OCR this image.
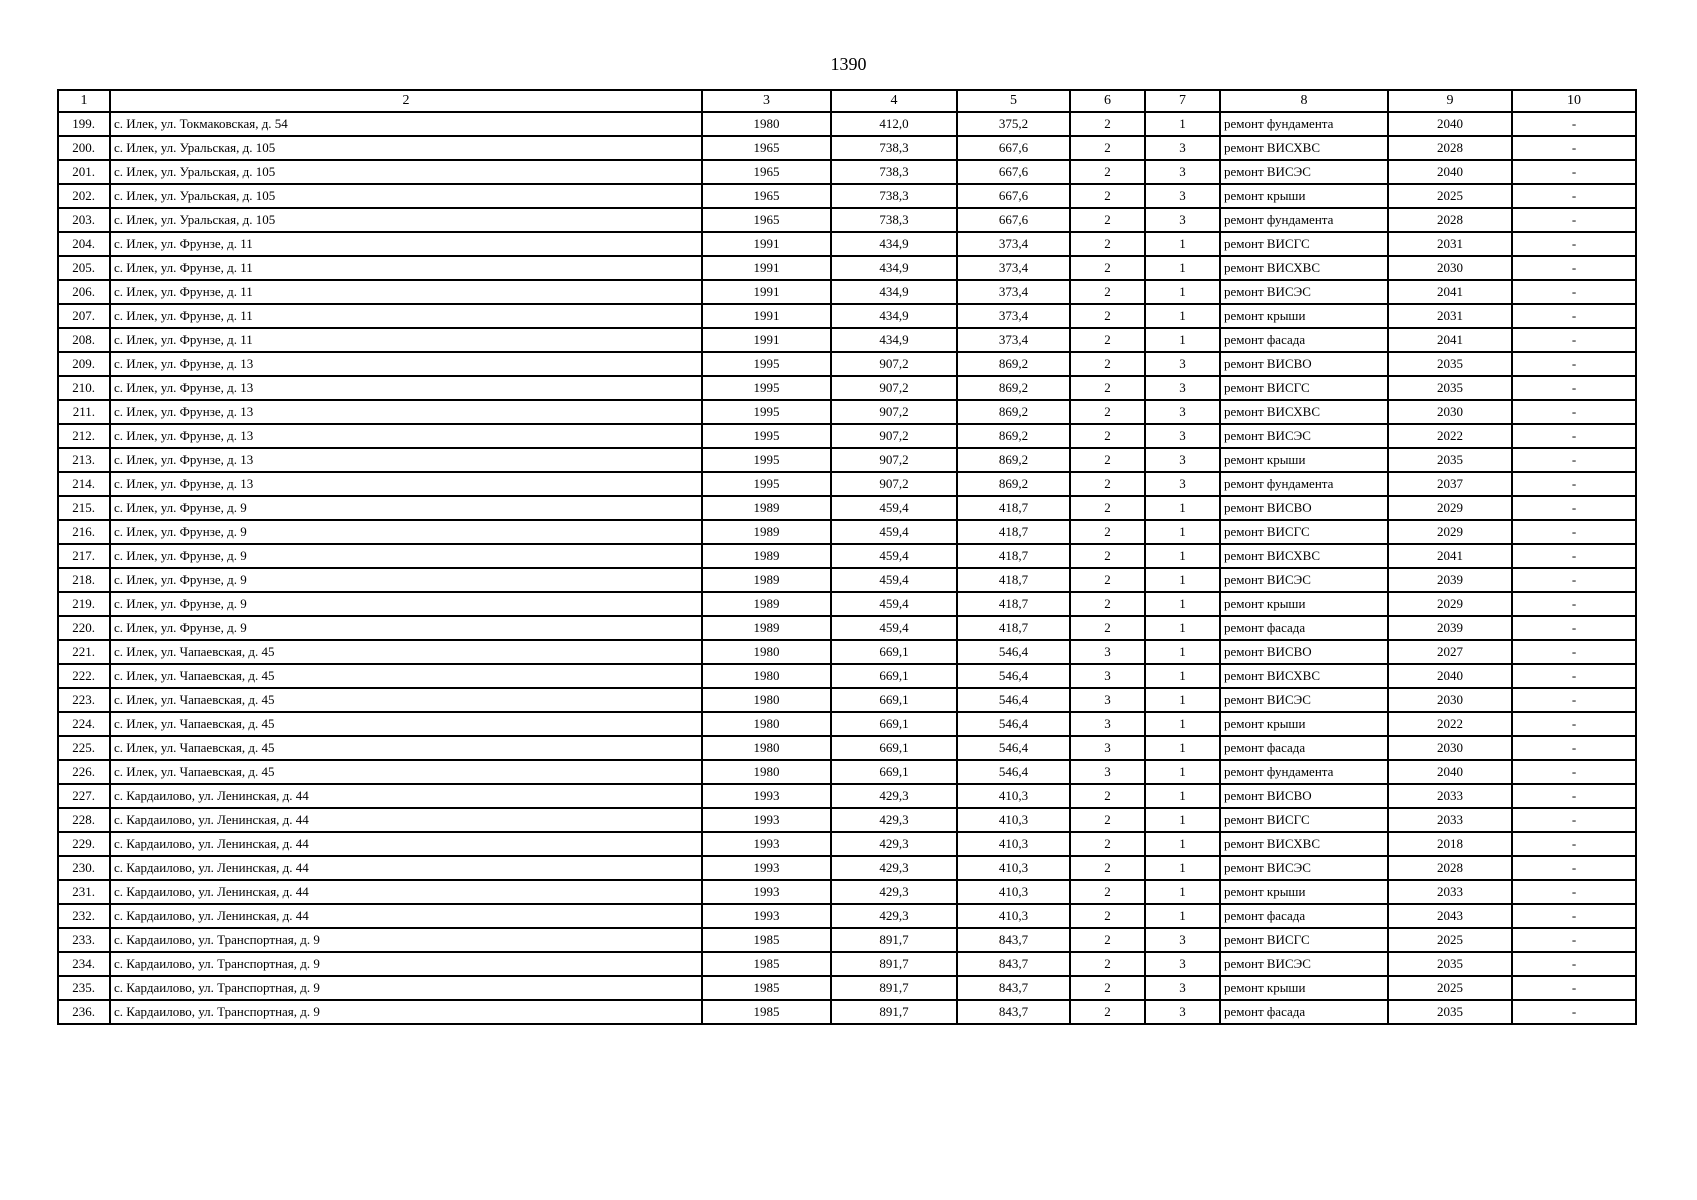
1390
1	2	3	4	5	6	7	8	9	10
199.	с. Илек, ул. Токмаковская, д. 54	1980	412,0	375,2	2	1	ремонт фундамента	2040	-
200.	с. Илек, ул. Уральская, д. 105	1965	738,3	667,6	2	3	ремонт ВИСХВС	2028	-
201.	с. Илек, ул. Уральская, д. 105	1965	738,3	667,6	2	3	ремонт ВИСЭС	2040	-
202.	с. Илек, ул. Уральская, д. 105	1965	738,3	667,6	2	3	ремонт крыши	2025	-
203.	с. Илек, ул. Уральская, д. 105	1965	738,3	667,6	2	3	ремонт фундамента	2028	-
204.	с. Илек, ул. Фрунзе, д. 11	1991	434,9	373,4	2	1	ремонт ВИСГС	2031	-
205.	с. Илек, ул. Фрунзе, д. 11	1991	434,9	373,4	2	1	ремонт ВИСХВС	2030	-
206.	с. Илек, ул. Фрунзе, д. 11	1991	434,9	373,4	2	1	ремонт ВИСЭС	2041	-
207.	с. Илек, ул. Фрунзе, д. 11	1991	434,9	373,4	2	1	ремонт крыши	2031	-
208.	с. Илек, ул. Фрунзе, д. 11	1991	434,9	373,4	2	1	ремонт фасада	2041	-
209.	с. Илек, ул. Фрунзе, д. 13	1995	907,2	869,2	2	3	ремонт ВИСВО	2035	-
210.	с. Илек, ул. Фрунзе, д. 13	1995	907,2	869,2	2	3	ремонт ВИСГС	2035	-
211.	с. Илек, ул. Фрунзе, д. 13	1995	907,2	869,2	2	3	ремонт ВИСХВС	2030	-
212.	с. Илек, ул. Фрунзе, д. 13	1995	907,2	869,2	2	3	ремонт ВИСЭС	2022	-
213.	с. Илек, ул. Фрунзе, д. 13	1995	907,2	869,2	2	3	ремонт крыши	2035	-
214.	с. Илек, ул. Фрунзе, д. 13	1995	907,2	869,2	2	3	ремонт фундамента	2037	-
215.	с. Илек, ул. Фрунзе, д. 9	1989	459,4	418,7	2	1	ремонт ВИСВО	2029	-
216.	с. Илек, ул. Фрунзе, д. 9	1989	459,4	418,7	2	1	ремонт ВИСГС	2029	-
217.	с. Илек, ул. Фрунзе, д. 9	1989	459,4	418,7	2	1	ремонт ВИСХВС	2041	-
218.	с. Илек, ул. Фрунзе, д. 9	1989	459,4	418,7	2	1	ремонт ВИСЭС	2039	-
219.	с. Илек, ул. Фрунзе, д. 9	1989	459,4	418,7	2	1	ремонт крыши	2029	-
220.	с. Илек, ул. Фрунзе, д. 9	1989	459,4	418,7	2	1	ремонт фасада	2039	-
221.	с. Илек, ул. Чапаевская, д. 45	1980	669,1	546,4	3	1	ремонт ВИСВО	2027	-
222.	с. Илек, ул. Чапаевская, д. 45	1980	669,1	546,4	3	1	ремонт ВИСХВС	2040	-
223.	с. Илек, ул. Чапаевская, д. 45	1980	669,1	546,4	3	1	ремонт ВИСЭС	2030	-
224.	с. Илек, ул. Чапаевская, д. 45	1980	669,1	546,4	3	1	ремонт крыши	2022	-
225.	с. Илек, ул. Чапаевская, д. 45	1980	669,1	546,4	3	1	ремонт фасада	2030	-
226.	с. Илек, ул. Чапаевская, д. 45	1980	669,1	546,4	3	1	ремонт фундамента	2040	-
227.	с. Кардаилово, ул. Ленинская, д. 44	1993	429,3	410,3	2	1	ремонт ВИСВО	2033	-
228.	с. Кардаилово, ул. Ленинская, д. 44	1993	429,3	410,3	2	1	ремонт ВИСГС	2033	-
229.	с. Кардаилово, ул. Ленинская, д. 44	1993	429,3	410,3	2	1	ремонт ВИСХВС	2018	-
230.	с. Кардаилово, ул. Ленинская, д. 44	1993	429,3	410,3	2	1	ремонт ВИСЭС	2028	-
231.	с. Кардаилово, ул. Ленинская, д. 44	1993	429,3	410,3	2	1	ремонт крыши	2033	-
232.	с. Кардаилово, ул. Ленинская, д. 44	1993	429,3	410,3	2	1	ремонт фасада	2043	-
233.	с. Кардаилово, ул. Транспортная, д. 9	1985	891,7	843,7	2	3	ремонт ВИСГС	2025	-
234.	с. Кардаилово, ул. Транспортная, д. 9	1985	891,7	843,7	2	3	ремонт ВИСЭС	2035	-
235.	с. Кардаилово, ул. Транспортная, д. 9	1985	891,7	843,7	2	3	ремонт крыши	2025	-
236.	с. Кардаилово, ул. Транспортная, д. 9	1985	891,7	843,7	2	3	ремонт фасада	2035	-
